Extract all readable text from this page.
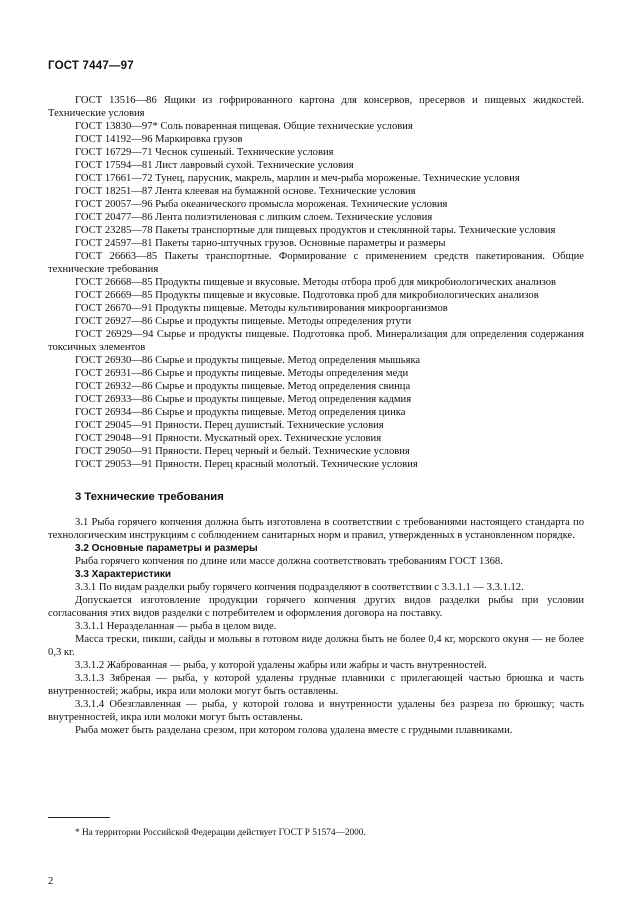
ГОСТ 7447—97

ГОСТ 13516—86 Ящики из гофрированного картона для консервов, пресервов и пищевых жидкостей. Технические условия

ГОСТ 13830—97* Соль поваренная пищевая. Общие технические условия

ГОСТ 14192—96 Маркировка грузов

ГОСТ 16729—71 Чеснок сушеный. Технические условия

ГОСТ 17594—81 Лист лавровый сухой. Технические условия

ГОСТ 17661—72 Тунец, парусник, макрель, марлин и меч-рыба мороженые. Технические условия

ГОСТ 18251—87 Лента клеевая на бумажной основе. Технические условия

ГОСТ 20057—96 Рыба океанического промысла мороженая. Технические условия

ГОСТ 20477—86 Лента полиэтиленовая с липким слоем. Технические условия

ГОСТ 23285—78 Пакеты транспортные для пищевых продуктов и стеклянной тары. Технические условия

ГОСТ 24597—81 Пакеты тарно-штучных грузов. Основные параметры и размеры

ГОСТ 26663—85 Пакеты транспортные. Формирование с применением средств пакетирования. Общие технические требования

ГОСТ 26668—85 Продукты пищевые и вкусовые. Методы отбора проб для микробиологических анализов

ГОСТ 26669—85 Продукты пищевые и вкусовые. Подготовка проб для микробиологических анализов

ГОСТ 26670—91 Продукты пищевые. Методы культивирования микроорганизмов

ГОСТ 26927—86 Сырье и продукты пищевые. Методы определения ртути

ГОСТ 26929—94 Сырье и продукты пищевые. Подготовка проб. Минерализация для определения содержания токсичных элементов

ГОСТ 26930—86 Сырье и продукты пищевые. Метод определения мышьяка

ГОСТ 26931—86 Сырье и продукты пищевые. Методы определения меди

ГОСТ 26932—86 Сырье и продукты пищевые. Метод определения свинца

ГОСТ 26933—86 Сырье и продукты пищевые. Метод определения кадмия

ГОСТ 26934—86 Сырье и продукты пищевые. Метод определения цинка

ГОСТ 29045—91 Пряности. Перец душистый. Технические условия

ГОСТ 29048—91 Пряности. Мускатный орех. Технические условия

ГОСТ 29050—91 Пряности. Перец черный и белый. Технические условия

ГОСТ 29053—91 Пряности. Перец красный молотый. Технические условия

3 Технические требования

3.1 Рыба горячего копчения должна быть изготовлена в соответствии с требованиями настоящего стандарта по технологическим инструкциям с соблюдением санитарных норм и правил, утвержденных в установленном порядке.

3.2 Основные параметры и размеры

Рыба горячего копчения по длине или массе должна соответствовать требованиям ГОСТ 1368.

3.3 Характеристики

3.3.1 По видам разделки рыбу горячего копчения подразделяют в соответствии с 3.3.1.1 — 3.3.1.12.

Допускается изготовление продукции горячего копчения других видов разделки рыбы при условии согласования этих видов разделки с потребителем и оформления договора на поставку.

3.3.1.1 Неразделанная — рыба в целом виде.

Масса трески, пикши, сайды и мольвы в готовом виде должна быть не более 0,4 кг, морского окуня — не более 0,3 кг.

3.3.1.2 Жаброванная — рыба, у которой удалены жабры или жабры и часть внутренностей.

3.3.1.3 Зябреная — рыба, у которой удалены грудные плавники с прилегающей частью брюшка и часть внутренностей; жабры, икра или молоки могут быть оставлены.

3.3.1.4 Обезглавленная — рыба, у которой голова и внутренности удалены без разреза по брюшку; часть внутренностей, икра или молоки могут быть оставлены.

Рыба может быть разделана срезом, при котором голова удалена вместе с грудными плавниками.

* На территории Российской Федерации действует ГОСТ Р 51574—2000.
2
